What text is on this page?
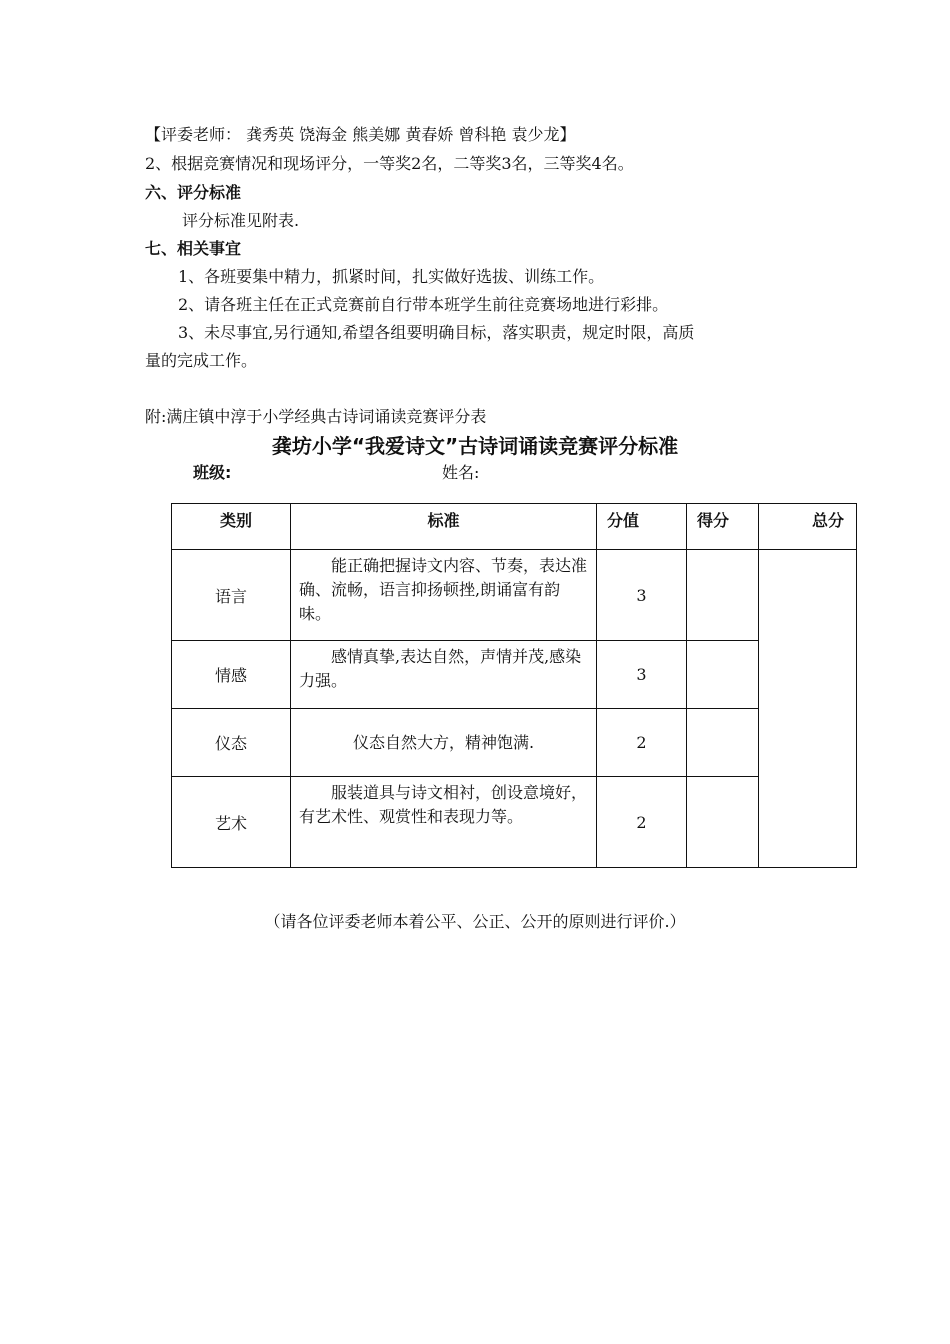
【评委老师： 龚秀英 饶海金 熊美娜 黄春娇 曾科艳 袁少龙】
2、根据竞赛情况和现场评分，一等奖2名，二等奖3名，三等奖4名。
六、评分标准
评分标准见附表.
七、相关事宜
1、各班要集中精力，抓紧时间，扎实做好选拔、训练工作。
2、请各班主任在正式竞赛前自行带本班学生前往竞赛场地进行彩排。
3、未尽事宜,另行通知,希望各组要明确目标，落实职责，规定时限，高质
量的完成工作。
附:满庄镇中淳于小学经典古诗词诵读竞赛评分表
龚坊小学“我爱诗文”古诗词诵读竞赛评分标准
班级:	姓名:
类别	标准	分值	得分	总分
语言	能正确把握诗文内容、节奏，表达准确、流畅，语言抑扬顿挫,朗诵富有韵味。	3		
情感	感情真挚,表达自然，声情并茂,感染力强。	3		
仪态	仪态自然大方，精神饱满.	2		
艺术	服装道具与诗文相衬，创设意境好，有艺术性、观赏性和表现力等。	2		
（请各位评委老师本着公平、公正、公开的原则进行评价.）
